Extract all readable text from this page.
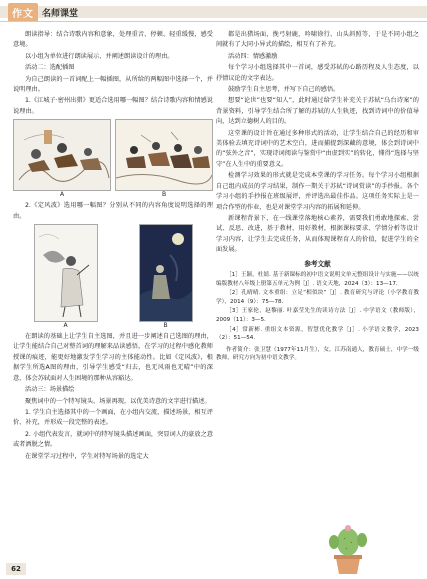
作文 名师课堂

朗读指导：结合诗歌内容和意象，处理重音、停顿、轻重缓慢，感受意境。

以小组为单位进行朗读展示，并阐述朗读设计的理由。

活动二：选配插图

为自己朗读的一首词配上一幅插图，从所给的两幅图中选择一个，并说明理由。

1.《江城子·密州出猎》更适合选用哪一幅图？结合诗歌内容和情感说说理由。

A	B

2.《定风波》选用哪一幅图？分别从不同的内容角度说明选择的理由。

A	B

在朗读的基础上让学生自主选图，并且进一步阐述自己选图的理由，让学生能结合自己对整首词的理解来品读感悟，在学习的过程中感化教师授课的痕迹，能更好地激发学生学习的主体能动性。比如《定风波》，根据学生所选A图的理由，引导学生感受“归去，也无风雨也无晴”中的深意，体会苏轼面对人生困境的那种从容豁达。

活动三：场景描绘

聚焦词中的一个特写镜头、场景再现，以优美诗意的文字进行描述。

1. 学生自主选择其中的一个画面，在小组内交流，描述场景，相互评价、补充，并形成一段完整的表述。

2. 小组代表发言，就词中的特写镜头描述画面，突显词人的豪放之意或者洒脱之情。

在课堂学习过程中，学生对特写场景的选定大

都是出猎场面，挽弓射鹿，吟啸徐行、山头斜照等，于是不同小组之间就有了大同小异式的描绘，相互有了补充。

活动四：情感激励

每个学习小组选择其中一首词，感受苏轼的心路历程及人生态度，以抒情议论的文字表达。

鼓励学生自主思考，并写下自己的感悟。

想要“论世”也要“知人”，此时通过给学生补充关于苏轼“乌台诗案”的背景资料，引导学生结合所了解的苏轼的人生轨迹，找到诗词中的价值导向，达到立德树人的目的。

这堂课的设计旨在通过多种形式的活动，让学生结合自己的经历和审美体验去填充诗词中的艺术空白，进而捕捉到深藏的意境，体会到诗词中的“弦外之音”，实现诗词阅读与鉴赏中“由虚到实”的转化，懂得“选择与坚守”在人生中的重要意义。

检测学习效果的形式就是完成本堂课的学习任务。每个学习小组根据自己组内成员的学习结果，制作一期关于苏轼“诗词赏读”的手抄报。各个学习小组的手抄报在班级展评，并评选出最佳作品。这项任务实际上是一项合作型的作业，也是对课堂学习内容的拓展和延伸。

新课程背景下，在一线课堂落地核心素养，需要我们勇敢地探索、尝试、反思、改进，基于教材，用好教材，根据课标要求、学情分析等设计学习内容，让学生去完成任务，从而体现课程育人的价值，促进学生的全面发展。

参考文献

［1］王颖，杜婧. 基于新课标的初中语文说明文单元整组设计与实施——以统编版教材八年级上册第五单元为例［J］. 语文天地，2024（3）：13—17.

［2］孔晴晴. 文本重组：立足“相似块”［J］. 教育研究与评论（小学教育教学），2014（9）：75—78.

［3］王家伦，赵黎丽. 叶嘉莹先生的读诗方法［J］. 中学语文（教师版），2009（11）：3—5.

［4］常新彬. 重组文本资源，智慧优化教学［J］. 小学语文教学，2023（2）：51—54.

作者简介：张卫慧（1977年11月生），女，江苏南通人，教育硕士，中学一级教师，研究方向为初中语文教学。

62
